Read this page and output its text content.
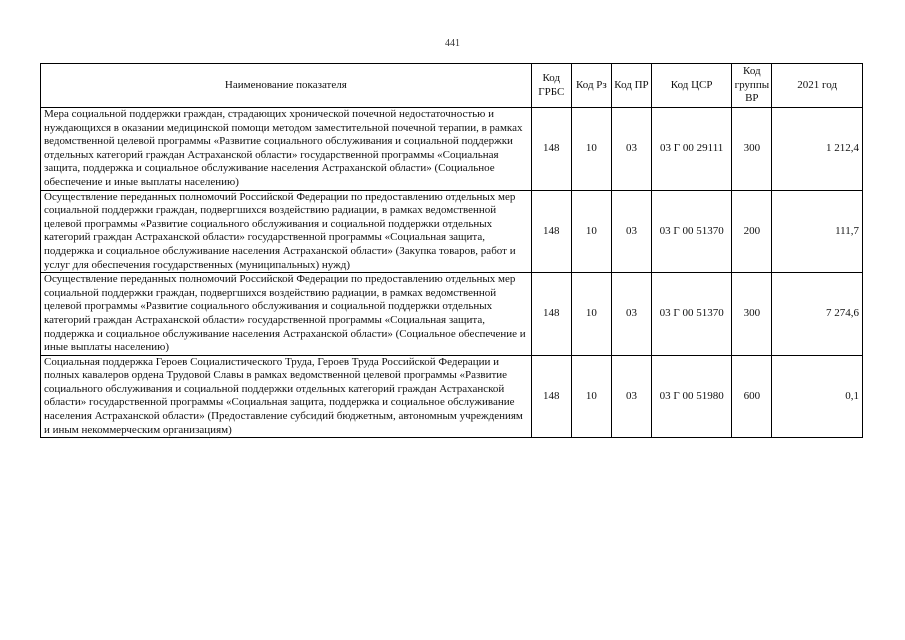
441
Наименование показателя	Код ГРБС	Код Рз	Код ПР	Код ЦСР	Код группы ВР	2021 год
Мера социальной поддержки граждан, страдающих хронической почечной недостаточностью и нуждающихся в оказании медицинской помощи методом заместительной почечной терапии, в рамках ведомственной целевой программы «Развитие социального обслуживания и социальной поддержки отдельных категорий граждан Астраханской области» государственной программы «Социальная защита, поддержка и социальное обслуживание населения Астраханской области» (Социальное обеспечение и иные выплаты населению)	148	10	03	03 Г 00 29111	300	1 212,4
Осуществление переданных полномочий Российской Федерации по предоставлению отдельных мер социальной поддержки граждан, подвергшихся воздействию радиации, в рамках ведомственной целевой программы «Развитие социального обслуживания и социальной поддержки отдельных категорий граждан Астраханской области» государственной программы «Социальная защита, поддержка и социальное обслуживание населения Астраханской области» (Закупка товаров, работ и услуг для обеспечения государственных (муниципальных) нужд)	148	10	03	03 Г 00 51370	200	111,7
Осуществление переданных полномочий Российской Федерации по предоставлению отдельных мер социальной поддержки граждан, подвергшихся воздействию радиации, в рамках ведомственной целевой программы «Развитие социального обслуживания и социальной поддержки отдельных категорий граждан Астраханской области» государственной программы «Социальная защита, поддержка и социальное обслуживание населения Астраханской области» (Социальное обеспечение и иные выплаты населению)	148	10	03	03 Г 00 51370	300	7 274,6
Социальная поддержка Героев Социалистического Труда, Героев Труда Российской Федерации и полных кавалеров ордена Трудовой Славы в рамках ведомственной целевой программы «Развитие социального обслуживания и социальной поддержки отдельных категорий граждан Астраханской области» государственной программы «Социальная защита, поддержка и социальное обслуживание населения Астраханской области» (Предоставление субсидий бюджетным, автономным учреждениям и иным некоммерческим организациям)	148	10	03	03 Г 00 51980	600	0,1
